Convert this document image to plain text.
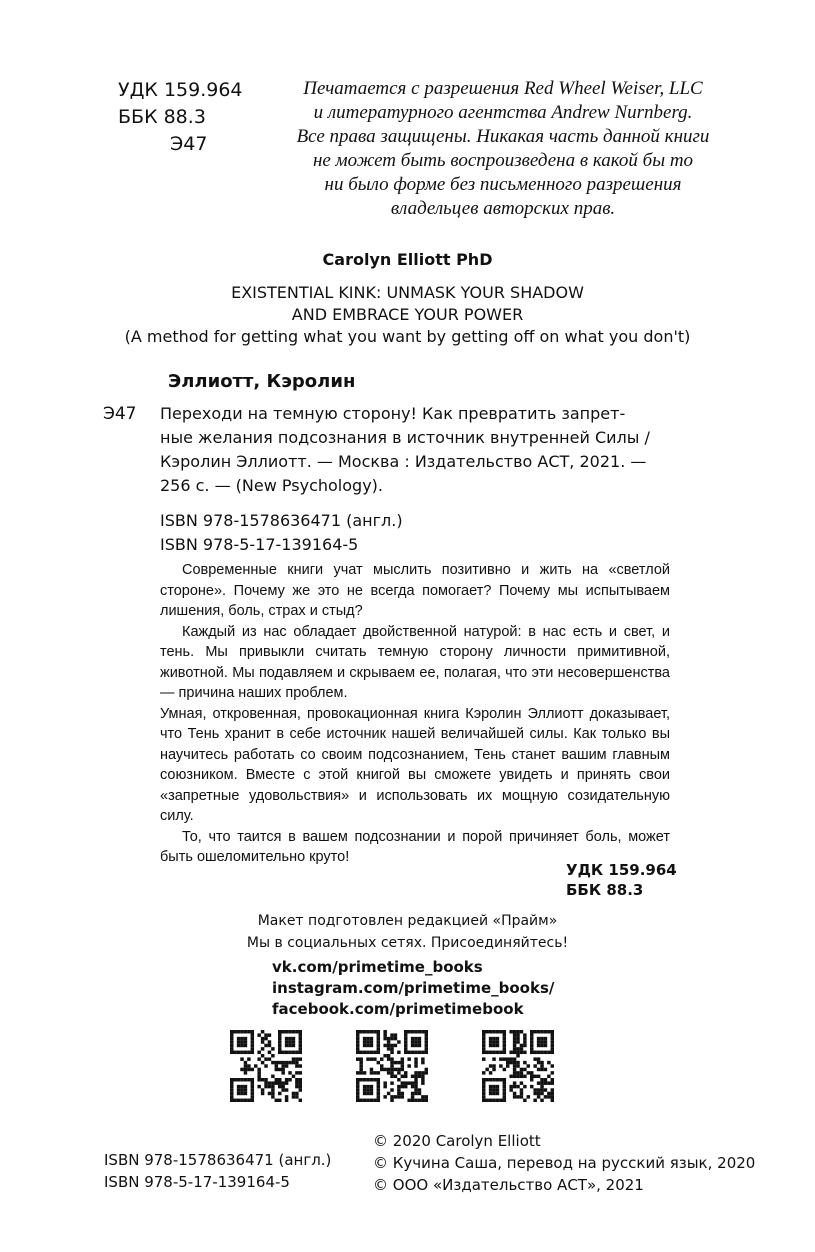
УДК 159.964
ББК 88.3
Э47
Печатается с разрешения Red Wheel Weiser, LLC
и литературного агентства Andrew Nurnberg.
Все права защищены. Никакая часть данной книги
не может быть воспроизведена в какой бы то
ни было форме без письменного разрешения
владельцев авторских прав.
Carolyn Elliott PhD
EXISTENTIAL KINK: UNMASK YOUR SHADOW
AND EMBRACE YOUR POWER
(A method for getting what you want by getting off on what you don't)
Эллиотт, Кэролин
Э47 Переходи на темную сторону! Как превратить запрет-
ные желания подсознания в источник внутренней Силы /
Кэролин Эллиотт. — Москва : Издательство АСТ, 2021. —
256 с. — (New Psychology).
ISBN 978-1578636471 (англ.)
ISBN 978-5-17-139164-5

Современные книги учат мыслить позитивно и жить на «светлой стороне». Почему же это не всегда помогает? Почему мы испытываем лишения, боль, страх и стыд?

Каждый из нас обладает двойственной натурой: в нас есть и свет, и тень. Мы привыкли считать темную сторону личности примитивной, животной. Мы подавляем и скрываем ее, полагая, что эти несовершенства — причина наших проблем.

Умная, откровенная, провокационная книга Кэролин Эллиотт доказывает, что Тень хранит в себе источник нашей величайшей силы. Как только вы научитесь работать со своим подсознанием, Тень станет вашим главным союзником. Вместе с этой книгой вы сможете увидеть и принять свои «запретные удовольствия» и использовать их мощную созидательную силу.

То, что таится в вашем подсознании и порой причиняет боль, может быть ошеломительно круто!

УДК 159.964
ББК 88.3
Макет подготовлен редакцией «Прайм»
Мы в социальных сетях. Присоединяйтесь!
vk.com/primetime_books
instagram.com/primetime_books/
facebook.com/primetimebook
ISBN 978-1578636471 (англ.)
ISBN 978-5-17-139164-5
© 2020 Carolyn Elliott
© Кучина Саша, перевод на русский язык, 2020
© ООО «Издательство АСТ», 2021
